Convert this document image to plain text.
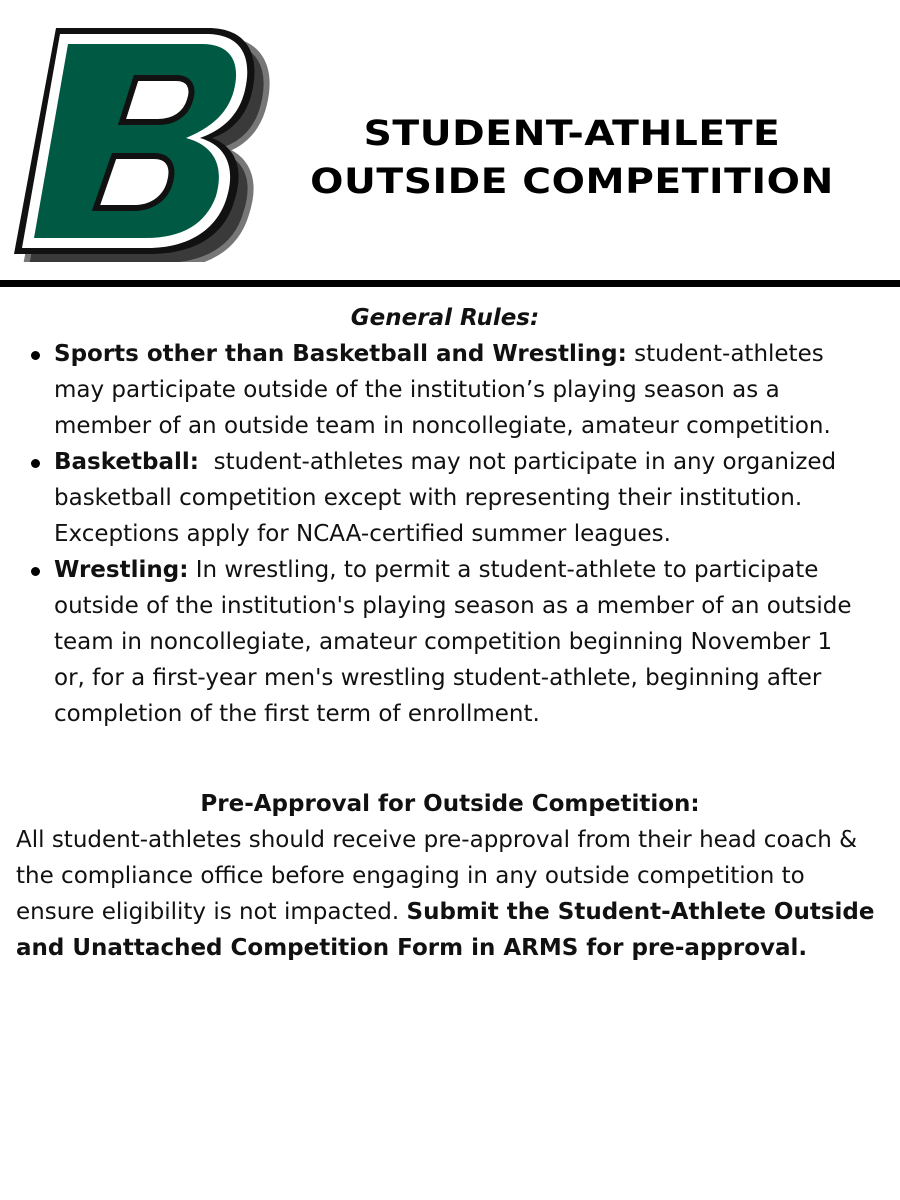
STUDENT-ATHLETE
OUTSIDE COMPETITION
General Rules:
Sports other than Basketball and Wrestling: student-athletes may participate outside of the institution’s playing season as a member of an outside team in noncollegiate, amateur competition.
Basketball:  student-athletes may not participate in any organized basketball competition except with representing their institution. Exceptions apply for NCAA-certified summer leagues.
Wrestling: In wrestling, to permit a student-athlete to participate outside of the institution's playing season as a member of an outside team in noncollegiate, amateur competition beginning November 1 or, for a first-year men's wrestling student-athlete, beginning after completion of the first term of enrollment.
Pre-Approval for Outside Competition:
All student-athletes should receive pre-approval from their head coach & the compliance office before engaging in any outside competition to ensure eligibility is not impacted. Submit the Student-Athlete Outside and Unattached Competition Form in ARMS for pre-approval.
